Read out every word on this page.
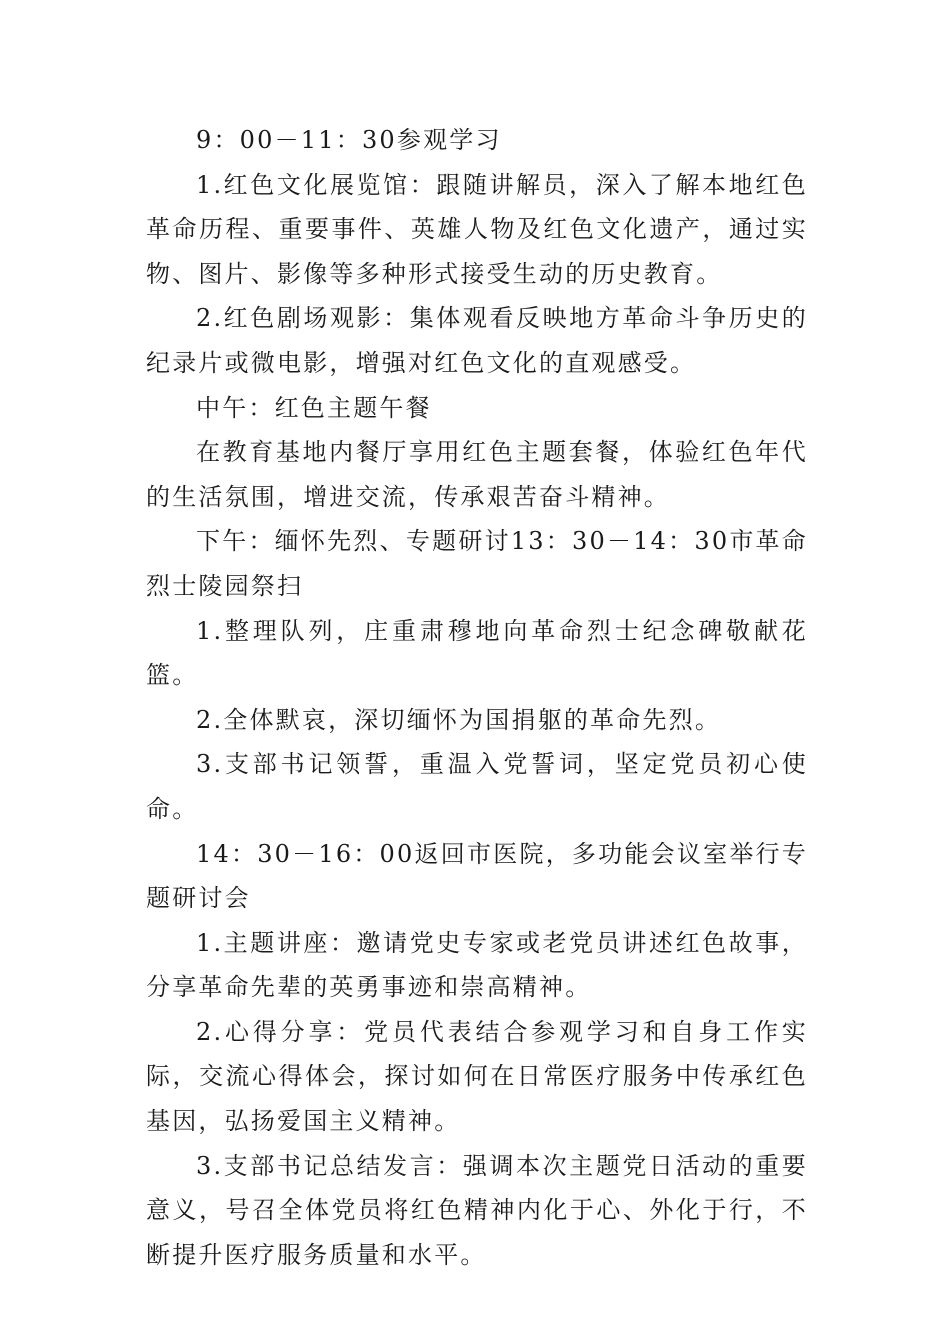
9：00－11：30参观学习

1.红色文化展览馆：跟随讲解员，深入了解本地红色革命历程、重要事件、英雄人物及红色文化遗产，通过实物、图片、影像等多种形式接受生动的历史教育。

2.红色剧场观影：集体观看反映地方革命斗争历史的纪录片或微电影，增强对红色文化的直观感受。

中午：红色主题午餐

在教育基地内餐厅享用红色主题套餐，体验红色年代的生活氛围，增进交流，传承艰苦奋斗精神。

下午：缅怀先烈、专题研讨13：30－14：30市革命烈士陵园祭扫

1.整理队列，庄重肃穆地向革命烈士纪念碑敬献花篮。

2.全体默哀，深切缅怀为国捐躯的革命先烈。

3.支部书记领誓，重温入党誓词，坚定党员初心使命。

14：30－16：00返回市医院，多功能会议室举行专题研讨会

1.主题讲座：邀请党史专家或老党员讲述红色故事，分享革命先辈的英勇事迹和崇高精神。

2.心得分享：党员代表结合参观学习和自身工作实际，交流心得体会，探讨如何在日常医疗服务中传承红色基因，弘扬爱国主义精神。

3.支部书记总结发言：强调本次主题党日活动的重要意义，号召全体党员将红色精神内化于心、外化于行，不断提升医疗服务质量和水平。
